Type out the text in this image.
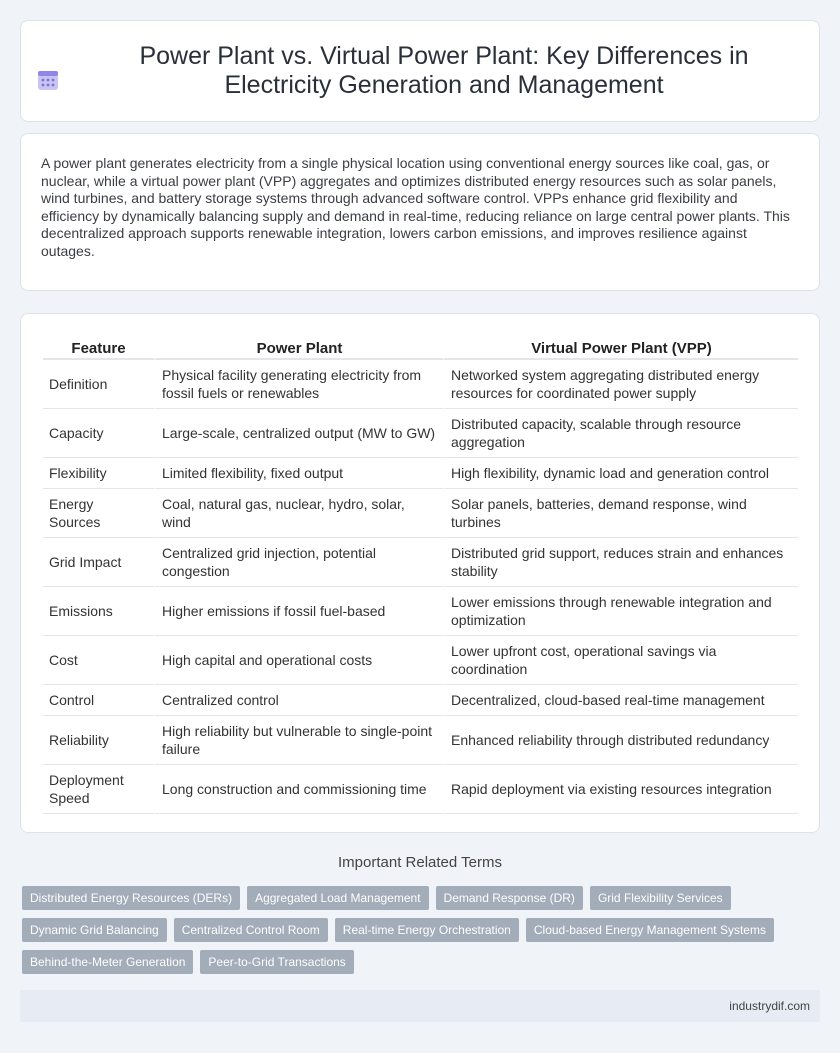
Power Plant vs. Virtual Power Plant: Key Differences in Electricity Generation and Management

A power plant generates electricity from a single physical location using conventional energy sources like coal, gas, or nuclear, while a virtual power plant (VPP) aggregates and optimizes distributed energy resources such as solar panels, wind turbines, and battery storage systems through advanced software control. VPPs enhance grid flexibility and efficiency by dynamically balancing supply and demand in real-time, reducing reliance on large central power plants. This decentralized approach supports renewable integration, lowers carbon emissions, and improves resilience against outages.

Feature	Power Plant	Virtual Power Plant (VPP)
Definition	Physical facility generating electricity from fossil fuels or renewables	Networked system aggregating distributed energy resources for coordinated power supply
Capacity	Large-scale, centralized output (MW to GW)	Distributed capacity, scalable through resource aggregation
Flexibility	Limited flexibility, fixed output	High flexibility, dynamic load and generation control
Energy Sources	Coal, natural gas, nuclear, hydro, solar, wind	Solar panels, batteries, demand response, wind turbines
Grid Impact	Centralized grid injection, potential congestion	Distributed grid support, reduces strain and enhances stability
Emissions	Higher emissions if fossil fuel-based	Lower emissions through renewable integration and optimization
Cost	High capital and operational costs	Lower upfront cost, operational savings via coordination
Control	Centralized control	Decentralized, cloud-based real-time management
Reliability	High reliability but vulnerable to single-point failure	Enhanced reliability through distributed redundancy
Deployment Speed	Long construction and commissioning time	Rapid deployment via existing resources integration
Important Related Terms
Distributed Energy Resources (DERs)	Aggregated Load Management	Demand Response (DR)	Grid Flexibility Services
Dynamic Grid Balancing	Centralized Control Room	Real-time Energy Orchestration	Cloud-based Energy Management Systems
Behind-the-Meter Generation	Peer-to-Grid Transactions
industrydif.com
